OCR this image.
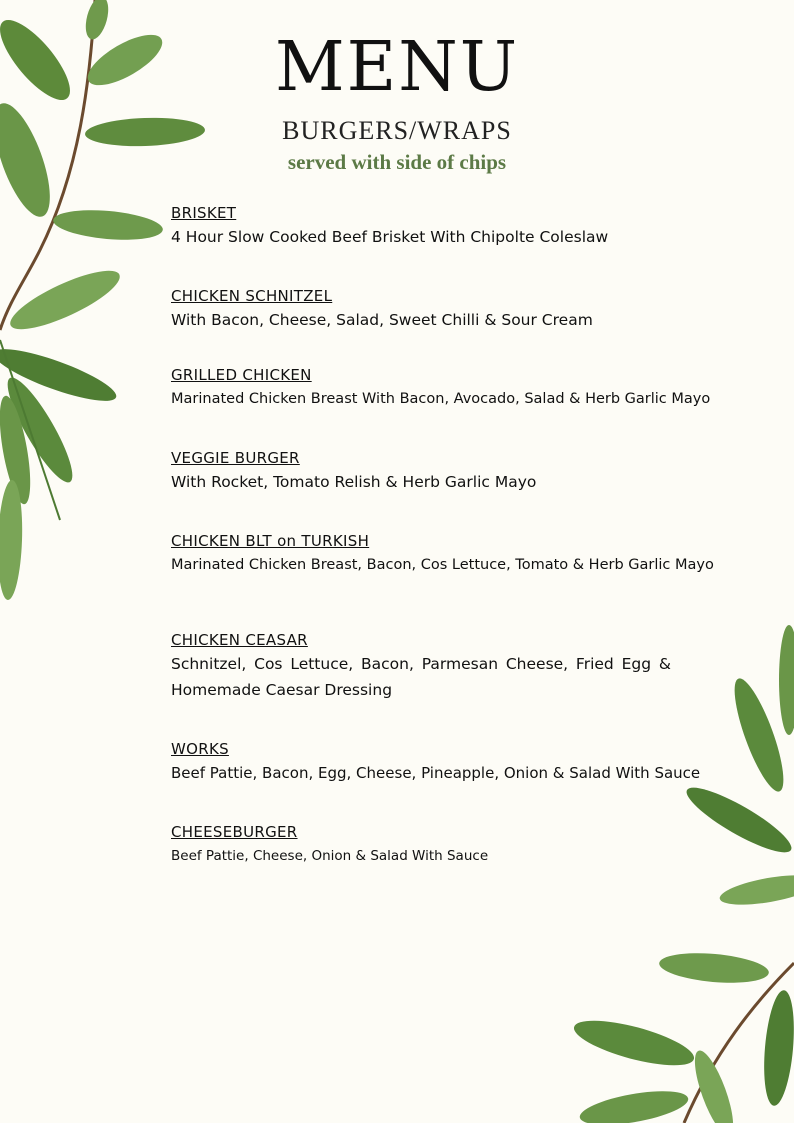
MENU
BURGERS/WRAPS
served with side of chips
BRISKET
4 Hour Slow Cooked Beef Brisket With Chipolte Coleslaw
CHICKEN SCHNITZEL
With Bacon, Cheese, Salad, Sweet Chilli & Sour Cream
GRILLED CHICKEN
Marinated Chicken Breast With Bacon, Avocado, Salad & Herb Garlic Mayo
VEGGIE BURGER
With Rocket, Tomato Relish & Herb Garlic Mayo
CHICKEN BLT on TURKISH
Marinated Chicken Breast, Bacon, Cos Lettuce, Tomato & Herb Garlic Mayo
CHICKEN CEASAR
Schnitzel, Cos Lettuce, Bacon, Parmesan Cheese, Fried Egg & Homemade Caesar Dressing
WORKS
Beef Pattie, Bacon, Egg, Cheese, Pineapple, Onion & Salad With Sauce
CHEESEBURGER
Beef Pattie, Cheese, Onion & Salad With Sauce
